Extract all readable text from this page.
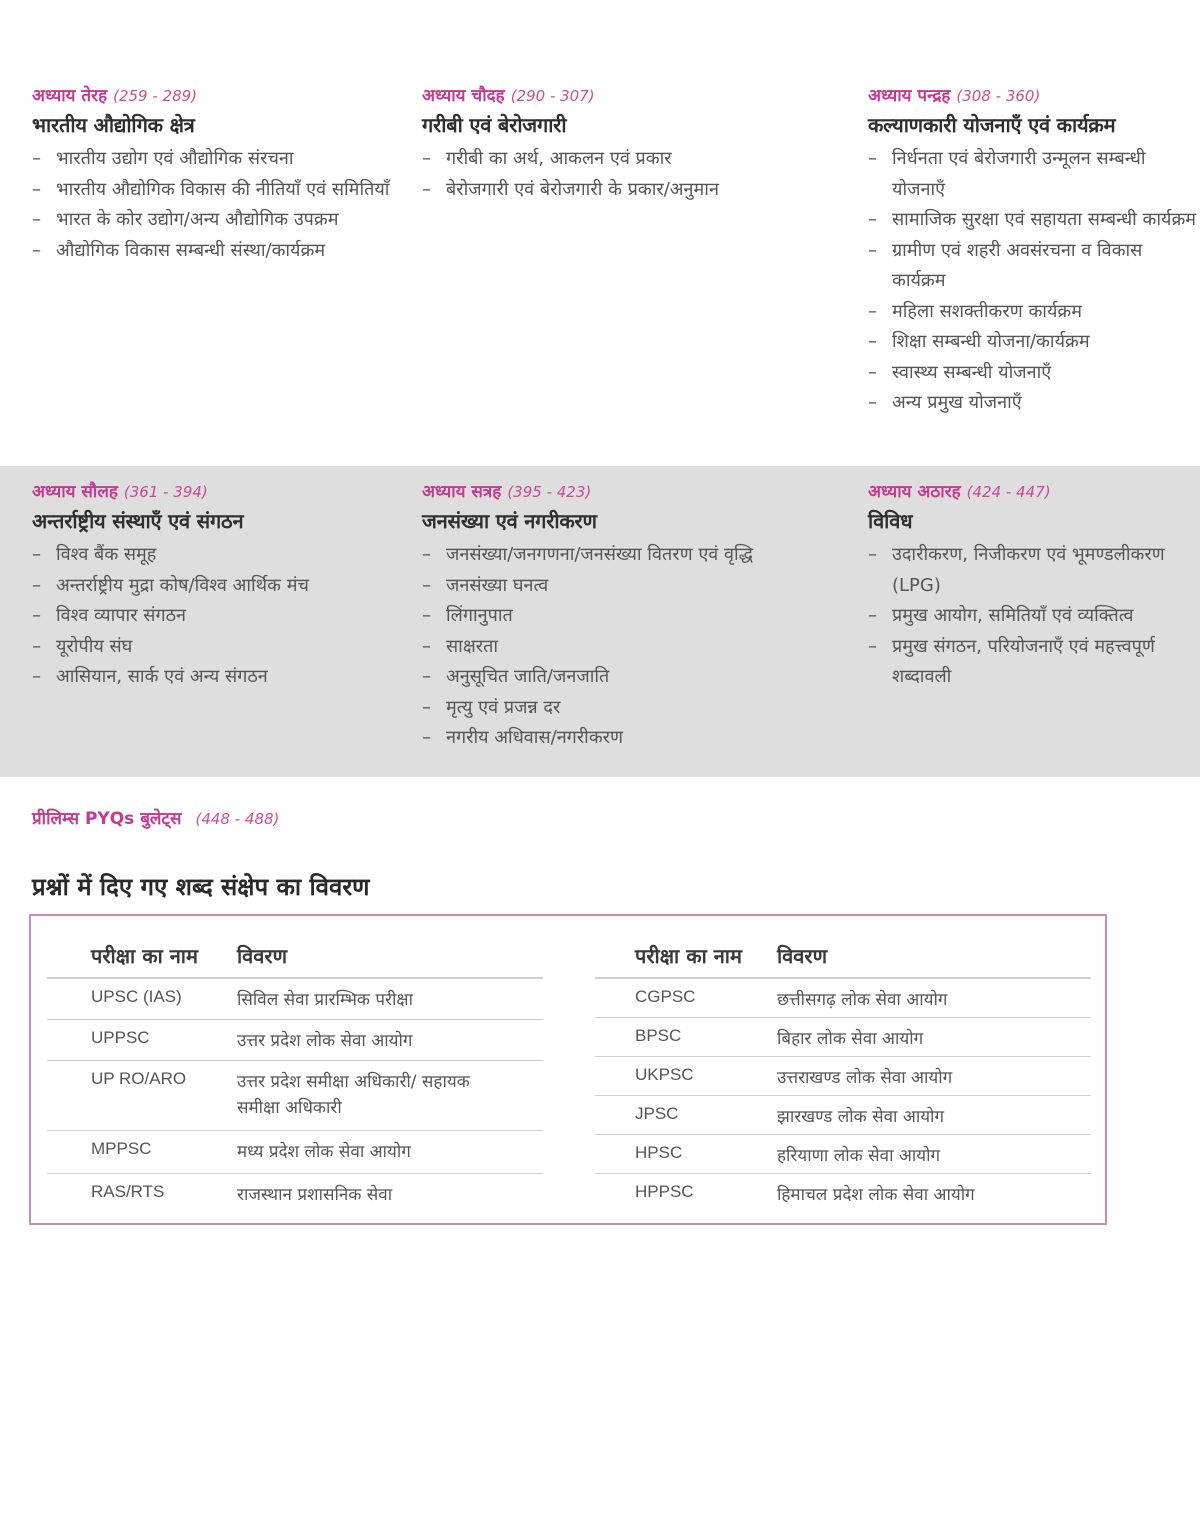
अध्याय तेरह (259 - 289)
भारतीय औद्योगिक क्षेत्र
– भारतीय उद्योग एवं औद्योगिक संरचना
– भारतीय औद्योगिक विकास की नीतियाँ एवं समितियाँ
– भारत के कोर उद्योग/अन्य औद्योगिक उपक्रम
– औद्योगिक विकास सम्बन्धी संस्था/कार्यक्रम
अध्याय चौदह (290 - 307)
गरीबी एवं बेरोजगारी
– गरीबी का अर्थ, आकलन एवं प्रकार
– बेरोजगारी एवं बेरोजगारी के प्रकार/अनुमान
अध्याय पन्द्रह (308 - 360)
कल्याणकारी योजनाएँ एवं कार्यक्रम
– निर्धनता एवं बेरोजगारी उन्मूलन सम्बन्धी योजनाएँ
– सामाजिक सुरक्षा एवं सहायता सम्बन्धी कार्यक्रम
– ग्रामीण एवं शहरी अवसंरचना व विकास कार्यक्रम
– महिला सशक्तीकरण कार्यक्रम
– शिक्षा सम्बन्धी योजना/कार्यक्रम
– स्वास्थ्य सम्बन्धी योजनाएँ
– अन्य प्रमुख योजनाएँ
अध्याय सौलह (361 - 394)
अन्तर्राष्ट्रीय संस्थाएँ एवं संगठन
– विश्व बैंक समूह
– अन्तर्राष्ट्रीय मुद्रा कोष/विश्व आर्थिक मंच
– विश्व व्यापार संगठन
– यूरोपीय संघ
– आसियान, सार्क एवं अन्य संगठन
अध्याय सत्रह (395 - 423)
जनसंख्या एवं नगरीकरण
– जनसंख्या/जनगणना/जनसंख्या वितरण एवं वृद्धि
– जनसंख्या घनत्व
– लिंगानुपात
– साक्षरता
– अनुसूचित जाति/जनजाति
– मृत्यु एवं प्रजन्न दर
– नगरीय अधिवास/नगरीकरण
अध्याय अठारह (424 - 447)
विविध
– उदारीकरण, निजीकरण एवं भूमण्डलीकरण (LPG)
– प्रमुख आयोग, समितियाँ एवं व्यक्तित्व
– प्रमुख संगठन, परियोजनाएँ एवं महत्त्वपूर्ण शब्दावली
प्रीलिम्स PYQs बुलेट्स (448 - 488)
प्रश्नों में दिए गए शब्द संक्षेप का विवरण
परीक्षा का नाम	विवरण
UPSC (IAS)	सिविल सेवा प्रारम्भिक परीक्षा
UPPSC	उत्तर प्रदेश लोक सेवा आयोग
UP RO/ARO	उत्तर प्रदेश समीक्षा अधिकारी/ सहायक समीक्षा अधिकारी
MPPSC	मध्य प्रदेश लोक सेवा आयोग
RAS/RTS	राजस्थान प्रशासनिक सेवा
परीक्षा का नाम	विवरण
CGPSC	छत्तीसगढ़ लोक सेवा आयोग
BPSC	बिहार लोक सेवा आयोग
UKPSC	उत्तराखण्ड लोक सेवा आयोग
JPSC	झारखण्ड लोक सेवा आयोग
HPSC	हरियाणा लोक सेवा आयोग
HPPSC	हिमाचल प्रदेश लोक सेवा आयोग
